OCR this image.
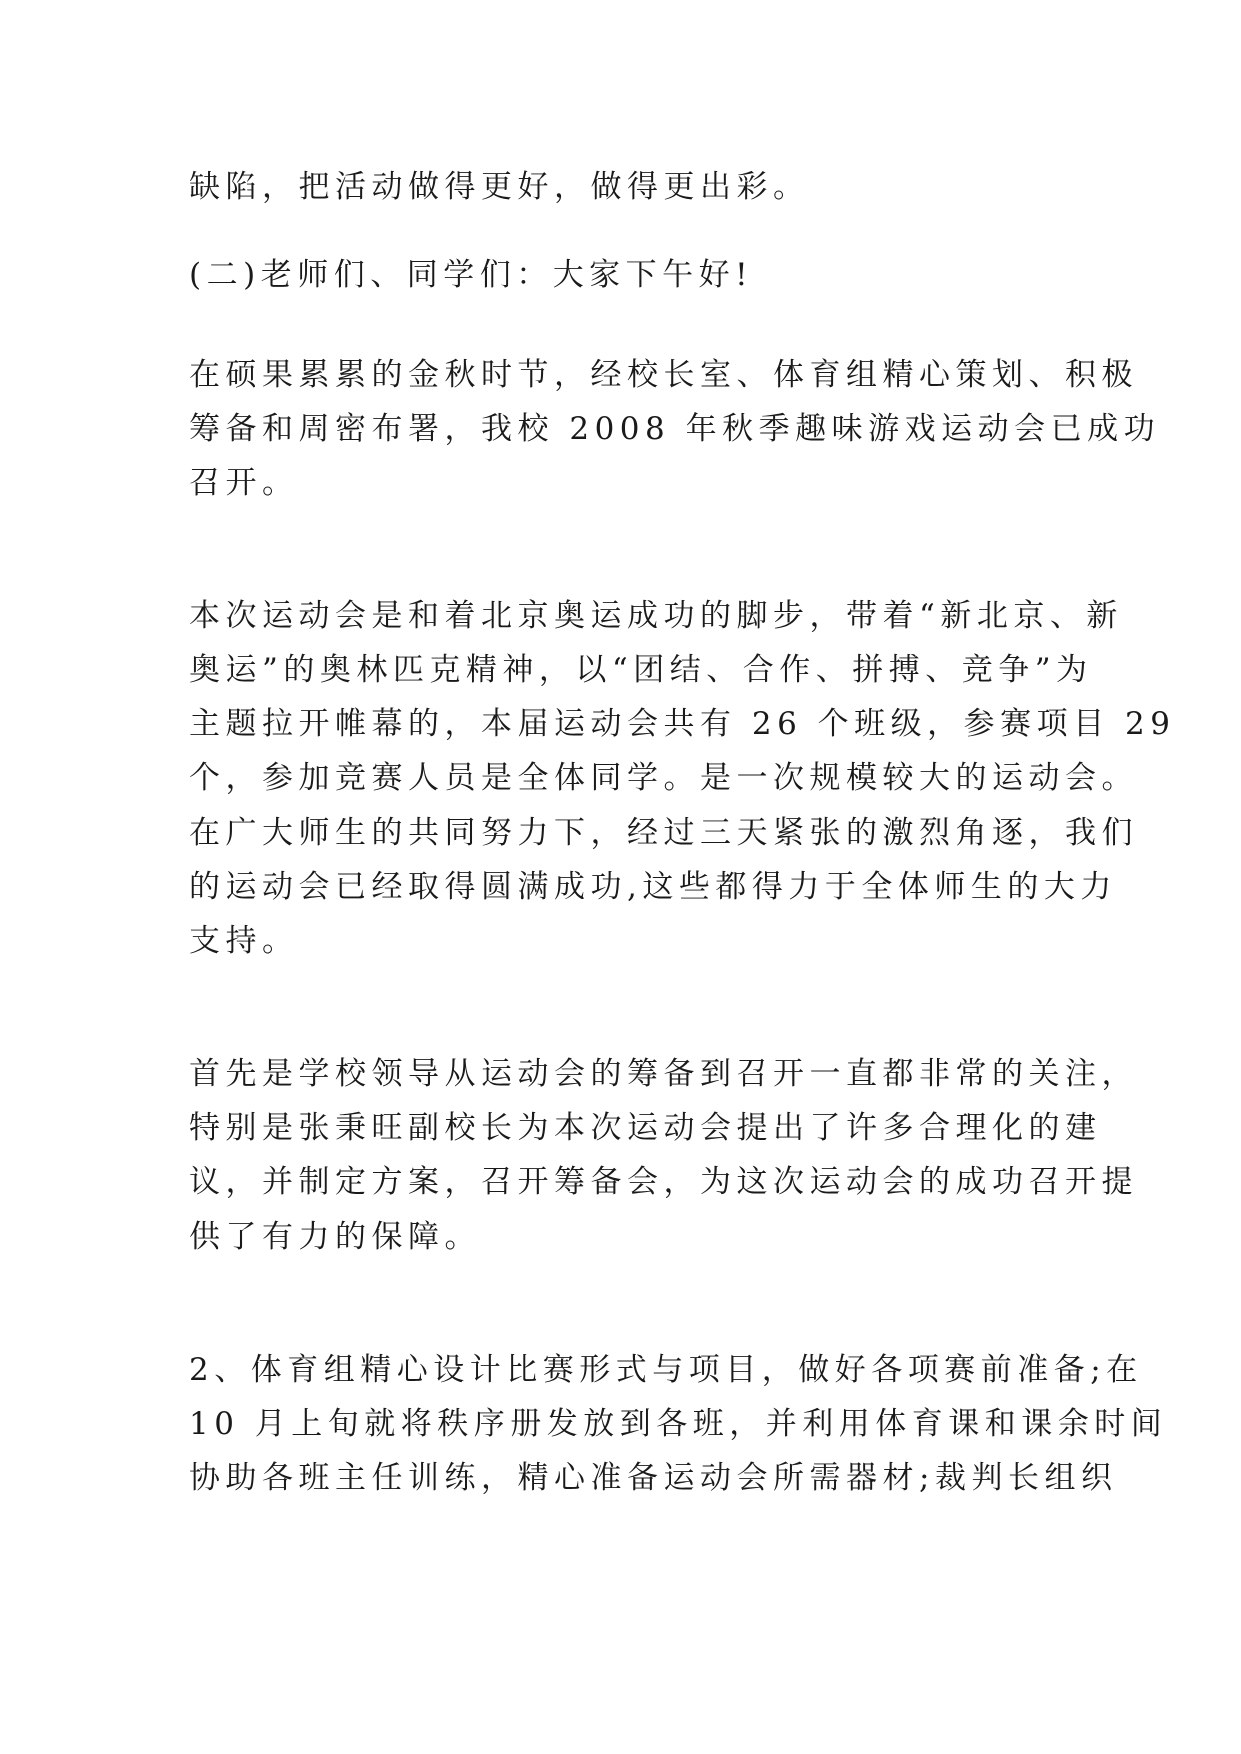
缺陷，把活动做得更好，做得更出彩。

(二)老师们、同学们：大家下午好!

在硕果累累的金秋时节，经校长室、体育组精心策划、积极

筹备和周密布署，我校 2008 年秋季趣味游戏运动会已成功

召开。

本次运动会是和着北京奥运成功的脚步，带着“新北京、新

奥运”的奥林匹克精神，以“团结、合作、拼搏、竞争”为

主题拉开帷幕的，本届运动会共有 26 个班级，参赛项目 29

个，参加竞赛人员是全体同学。是一次规模较大的运动会。

在广大师生的共同努力下，经过三天紧张的激烈角逐，我们

的运动会已经取得圆满成功,这些都得力于全体师生的大力

支持。

首先是学校领导从运动会的筹备到召开一直都非常的关注，

特别是张秉旺副校长为本次运动会提出了许多合理化的建

议，并制定方案，召开筹备会，为这次运动会的成功召开提

供了有力的保障。

2、体育组精心设计比赛形式与项目，做好各项赛前准备;在

10 月上旬就将秩序册发放到各班，并利用体育课和课余时间

协助各班主任训练，精心准备运动会所需器材;裁判长组织
